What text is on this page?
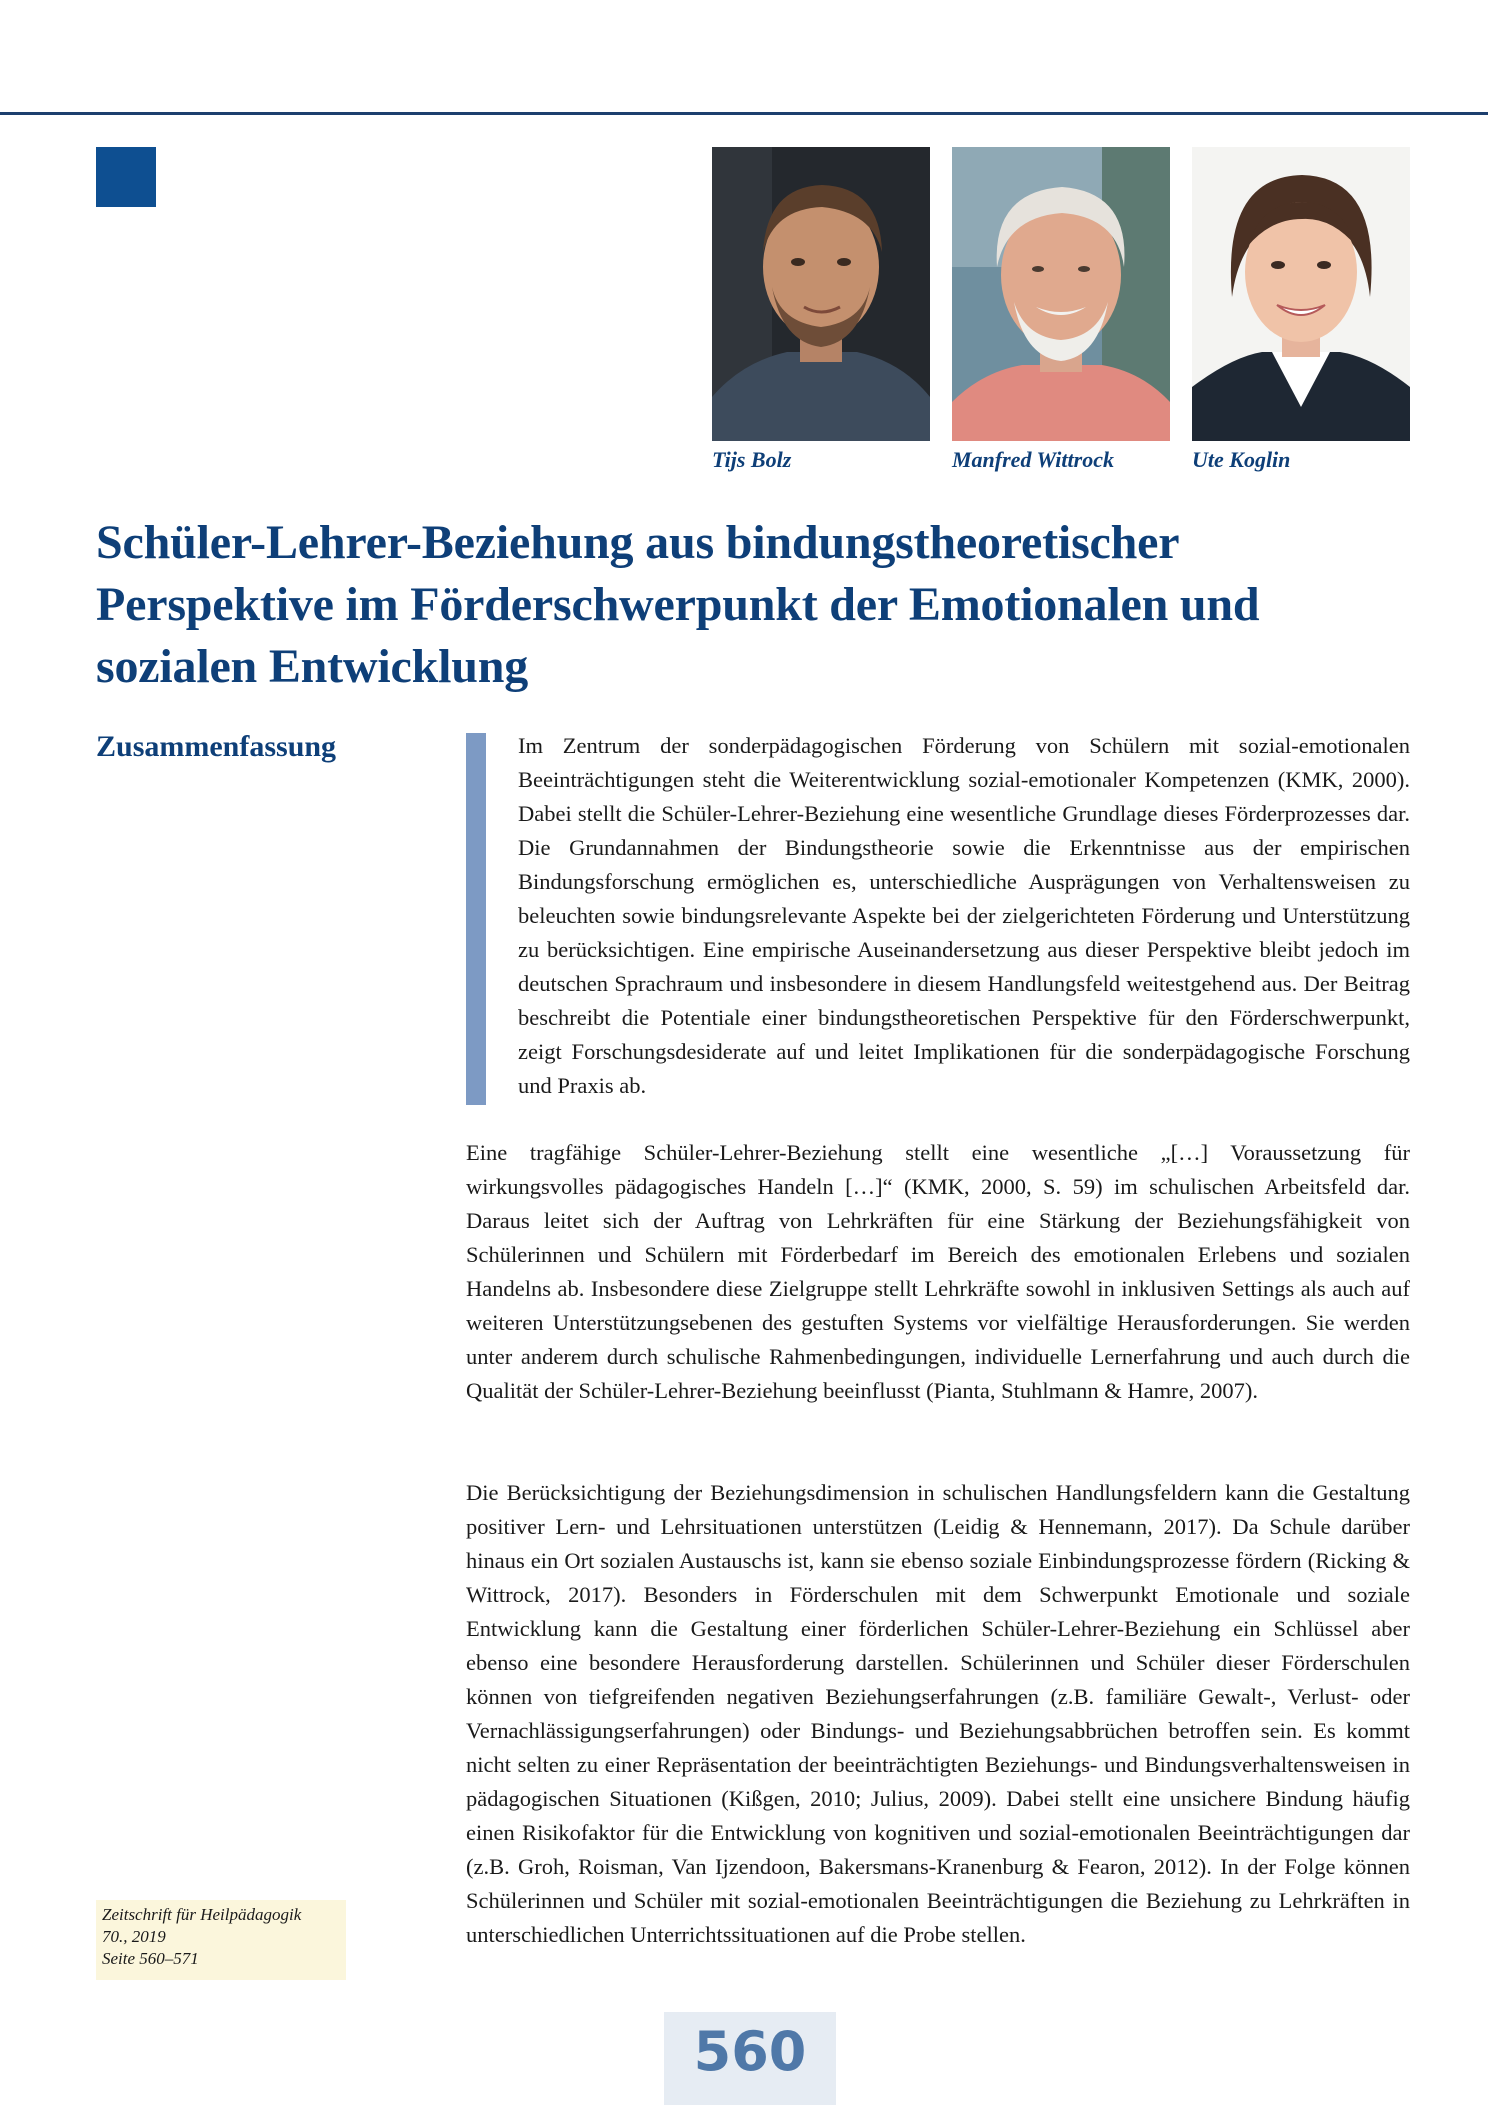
Tijs Bolz	Manfred Wittrock	Ute Koglin
Schüler-Lehrer-Beziehung aus bindungstheoretischer Perspektive im Förderschwerpunkt der Emotionalen und sozialen Entwicklung
Zusammenfassung	Im Zentrum der sonderpädagogischen Förderung von Schülern mit sozial-emotionalen Beeinträchtigungen steht die Weiterentwicklung sozial-emotionaler Kompetenzen (KMK, 2000). Dabei stellt die Schüler-Lehrer-Beziehung eine wesentliche Grundlage dieses Förderprozesses dar. Die Grundannahmen der Bindungstheorie sowie die Erkenntnisse aus der empirischen Bindungsforschung ermöglichen es, unterschiedliche Ausprägungen von Verhaltensweisen zu beleuchten sowie bindungsrelevante Aspekte bei der zielgerichteten Förderung und Unterstützung zu berücksichtigen. Eine empirische Auseinandersetzung aus dieser Perspektive bleibt jedoch im deutschen Sprachraum und insbesondere in diesem Handlungsfeld weitestgehend aus. Der Beitrag beschreibt die Potentiale einer bindungstheoretischen Perspektive für den Förderschwerpunkt, zeigt Forschungsdesiderate auf und leitet Implikationen für die sonderpädagogische Forschung und Praxis ab.

Eine tragfähige Schüler-Lehrer-Beziehung stellt eine wesentliche „[…] Voraussetzung für wirkungsvolles pädagogisches Handeln […]“ (KMK, 2000, S. 59) im schulischen Arbeitsfeld dar. Daraus leitet sich der Auftrag von Lehrkräften für eine Stärkung der Beziehungsfähigkeit von Schülerinnen und Schülern mit Förderbedarf im Bereich des emotionalen Erlebens und sozialen Handelns ab. Insbesondere diese Zielgruppe stellt Lehrkräfte sowohl in inklusiven Settings als auch auf weiteren Unterstützungsebenen des gestuften Systems vor vielfältige Herausforderungen. Sie werden unter anderem durch schulische Rahmenbedingungen, individuelle Lernerfahrung und auch durch die Qualität der Schüler-Lehrer-Beziehung beeinflusst (Pianta, Stuhlmann & Hamre, 2007).

Die Berücksichtigung der Beziehungsdimension in schulischen Handlungsfeldern kann die Gestaltung positiver Lern- und Lehrsituationen unterstützen (Leidig & Hennemann, 2017). Da Schule darüber hinaus ein Ort sozialen Austauschs ist, kann sie ebenso soziale Einbindungsprozesse fördern (Ricking & Wittrock, 2017). Besonders in Förderschulen mit dem Schwerpunkt Emotionale und soziale Entwicklung kann die Gestaltung einer förderlichen Schüler-Lehrer-Beziehung ein Schlüssel aber ebenso eine besondere Herausforderung darstellen. Schülerinnen und Schüler dieser Förderschulen können von tiefgreifenden negativen Beziehungserfahrungen (z.B. familiäre Gewalt-, Verlust- oder Vernachlässigungserfahrungen) oder Bindungs- und Beziehungsabbrüchen betroffen sein. Es kommt nicht selten zu einer Repräsentation der beeinträchtigten Beziehungs- und Bindungsverhaltensweisen in pädagogischen Situationen (Kißgen, 2010; Julius, 2009). Dabei stellt eine unsichere Bindung häufig einen Risikofaktor für die Entwicklung von kognitiven und sozial-emotionalen Beeinträchtigungen dar (z.B. Groh, Roisman, Van Ijzendoon, Bakersmans-Kranenburg & Fearon, 2012). In der Folge können Schülerinnen und Schüler mit sozial-emotionalen Beeinträchtigungen die Beziehung zu Lehrkräften in unterschiedlichen Unterrichtssituationen auf die Probe stellen.

Zeitschrift für Heilpädagogik
70., 2019
Seite 560–571
560
